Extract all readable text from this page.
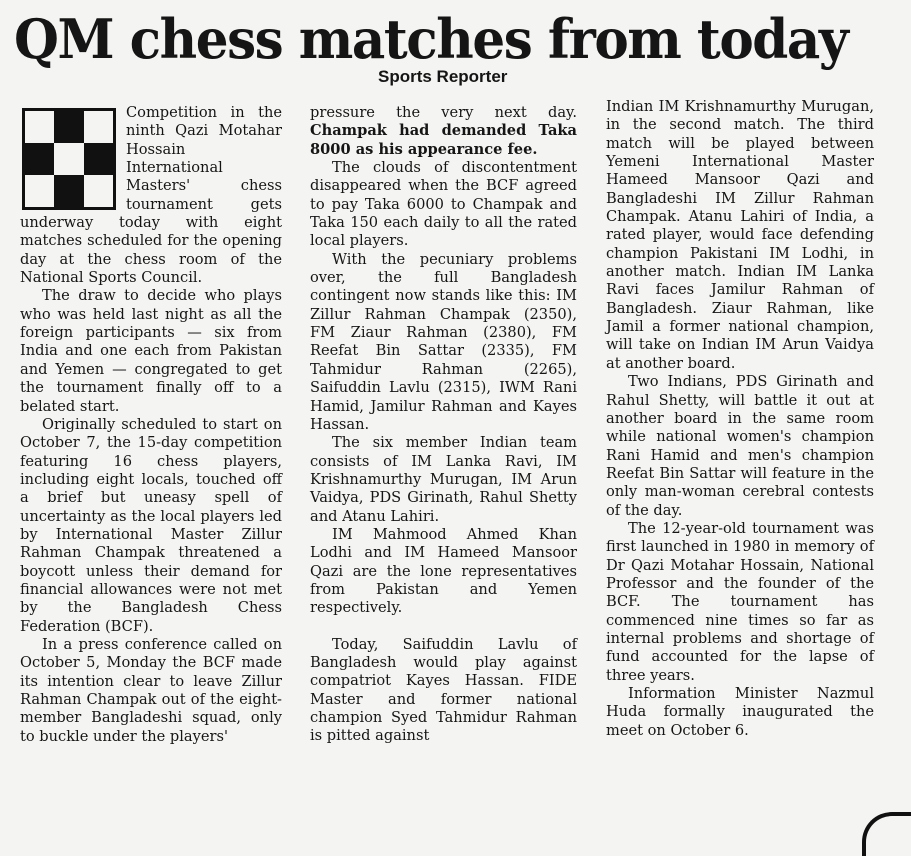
QM chess matches from today
Sports Reporter

Competition in the ninth Qazi Motahar Hossain International Masters' chess tournament gets underway today with eight matches scheduled for the opening day at the chess room of the National Sports Council.

The draw to decide who plays who was held last night as all the foreign participants — six from India and one each from Pakistan and Yemen — congregated to get the tournament finally off to a belated start.

Originally scheduled to start on October 7, the 15-day competition featuring 16 chess players, including eight locals, touched off a brief but uneasy spell of uncertainty as the local players led by International Master Zillur Rahman Champak threatened a boycott unless their demand for financial allowances were not met by the Bangladesh Chess Federation (BCF).

In a press conference called on October 5, Monday the BCF made its intention clear to leave Zillur Rahman Champak out of the eight-member Bangladeshi squad, only to buckle under the players'

pressure the very next day. Champak had demanded Taka 8000 as his appearance fee.

The clouds of discontentment disappeared when the BCF agreed to pay Taka 6000 to Champak and Taka 150 each daily to all the rated local players.

With the pecuniary problems over, the full Bangladesh contingent now stands like this: IM Zillur Rahman Champak (2350), FM Ziaur Rahman (2380), FM Reefat Bin Sattar (2335), FM Tahmidur Rahman (2265), Saifuddin Lavlu (2315), IWM Rani Hamid, Jamilur Rahman and Kayes Hassan.

The six member Indian team consists of IM Lanka Ravi, IM Krishnamurthy Murugan, IM Arun Vaidya, PDS Girinath, Rahul Shetty and Atanu Lahiri.

IM Mahmood Ahmed Khan Lodhi and IM Hameed Mansoor Qazi are the lone representatives from Pakistan and Yemen respectively.

Today, Saifuddin Lavlu of Bangladesh would play against compatriot Kayes Hassan. FIDE Master and former national champion Syed Tahmidur Rahman is pitted against

Indian IM Krishnamurthy Murugan, in the second match. The third match will be played between Yemeni International Master Hameed Mansoor Qazi and Bangladeshi IM Zillur Rahman Champak. Atanu Lahiri of India, a rated player, would face defending champion Pakistani IM Lodhi, in another match. Indian IM Lanka Ravi faces Jamilur Rahman of Bangladesh. Ziaur Rahman, like Jamil a former national champion, will take on Indian IM Arun Vaidya at another board.

Two Indians, PDS Girinath and Rahul Shetty, will battle it out at another board in the same room while national women's champion Rani Hamid and men's champion Reefat Bin Sattar will feature in the only man-woman cerebral contests of the day.

The 12-year-old tournament was first launched in 1980 in memory of Dr Qazi Motahar Hossain, National Professor and the founder of the BCF. The tournament has commenced nine times so far as internal problems and shortage of fund accounted for the lapse of three years.

Information Minister Nazmul Huda formally inaugurated the meet on October 6.
